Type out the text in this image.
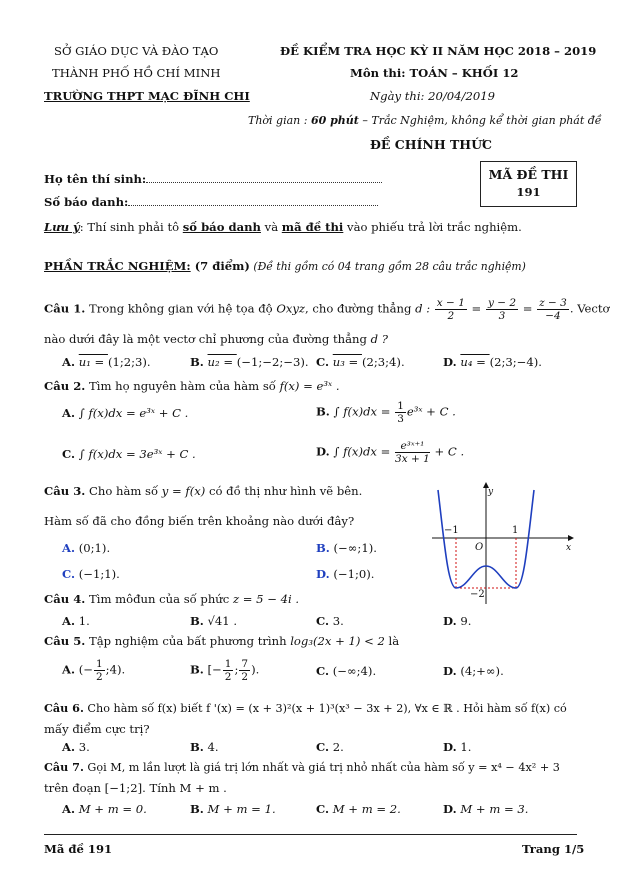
SỞ GIÁO DỤC VÀ ĐÀO TẠO
THÀNH PHỐ HỒ CHÍ MINH
TRƯỜNG THPT MẠC ĐĨNH CHI
ĐỀ KIỂM TRA HỌC KỲ II NĂM HỌC 2018 – 2019
Môn thi: TOÁN – KHỐI 12
Ngày thi: 20/04/2019
Thời gian : 60 phút – Trắc Nghiệm, không kể thời gian phát đề
ĐỀ CHÍNH THỨC
MÃ ĐỀ THI
191
Họ tên thí sinh:
Số báo danh:
Lưu ý: Thí sinh phải tô số báo danh và mã đề thi vào phiếu trả lời trắc nghiệm.
PHẦN TRẮC NGHIỆM: (7 điểm) (Đề thi gồm có 04 trang gồm 28 câu trắc nghiệm)
Câu 1. Trong không gian với hệ tọa độ Oxyz, cho đường thẳng d : $\frac{x - 1}{2} = \frac{y - 2}{3} = \frac{z - 3}{-4}$ . Vectơ
nào dưới đây là một vectơ chỉ phương của đường thẳng d ?
A. u₁ = (1;2;3).	B. u₂ = (−1;−2;−3). C. u₃ = (2;3;4).	D. u₄ = (2;3;−4).
Câu 2. Tìm họ nguyên hàm của hàm số f(x) = e³ˣ .
A. ∫ f(x)dx = e³ˣ + C .	B. ∫ $f(x)dx = \frac{1}{3}$ e³ˣ + C .
C. ∫ f(x)dx = 3e³ˣ + C .	D. ∫ $f(x)dx = \frac{\text{e³ˣ⁺¹}}{3x + 1} + C$ .
Câu 3. Cho hàm số y = f(x) có đồ thị như hình vẽ bên.
Hàm số đã cho đồng biến trên khoảng nào dưới đây?
A. (0;1).	B. (−∞;1).
C. (−1;1).	D. (−1;0).
y
x
O
−1	1
−2
Câu 4. Tìm môđun của số phức z = 5 − 4i .
A. 1.	B. √41 .	C. 3.	D. 9.
Câu 5. Tập nghiệm của bất phương trình log₃(2x + 1) < 2 là
A. (− $\frac{1}{2}$ ;4).	B. [− $\frac{1}{2}$ ; $\frac{7}{2}$ ).	C. (−∞;4).	D. (4;+∞).
Câu 6. Cho hàm số f(x) biết f '(x) = (x + 3)²(x + 1)³(x³ − 3x + 2), ∀x ∈ ℝ . Hỏi hàm số f(x) có
mấy điểm cực trị?
A. 3.	B. 4.	C. 2.	D. 1.
Câu 7. Gọi M, m lần lượt là giá trị lớn nhất và giá trị nhỏ nhất của hàm số y = x⁴ − 4x² + 3
trên đoạn [−1;2]. Tính M + m .
A. M + m = 0.	B. M + m = 1.	C. M + m = 2.	D. M + m = 3.
Mã đề 191	Trang 1/5
